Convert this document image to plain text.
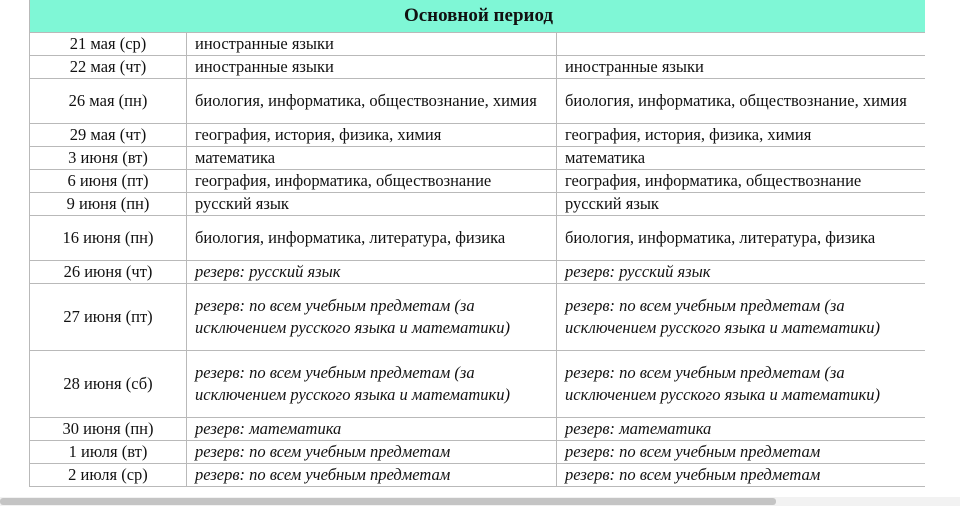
Основной период		
21 мая (ср)	иностранные языки	
22 мая (чт)	иностранные языки	иностранные языки
26 мая (пн)	биология, информатика, обществознание, химия	биология, информатика, обществознание, химия
29 мая (чт)	география, история, физика, химия	география, история, физика, химия
3 июня (вт)	математика	математика
6 июня (пт)	география, информатика, обществознание	география, информатика, обществознание
9 июня (пн)	русский язык	русский язык
16 июня (пн)	биология, информатика, литература, физика	биология, информатика, литература, физика
26 июня (чт)	резерв: русский язык	резерв: русский язык
27 июня (пт)	резерв: по всем учебным предметам (за исключением русского языка и математики)	резерв: по всем учебным предметам (за исключением русского языка и математики)
28 июня (сб)	резерв: по всем учебным предметам (за исключением русского языка и математики)	резерв: по всем учебным предметам (за исключением русского языка и математики)
30 июня (пн)	резерв: математика	резерв: математика
1 июля (вт)	резерв: по всем учебным предметам	резерв: по всем учебным предметам
2 июля (ср)	резерв: по всем учебным предметам	резерв: по всем учебным предметам
